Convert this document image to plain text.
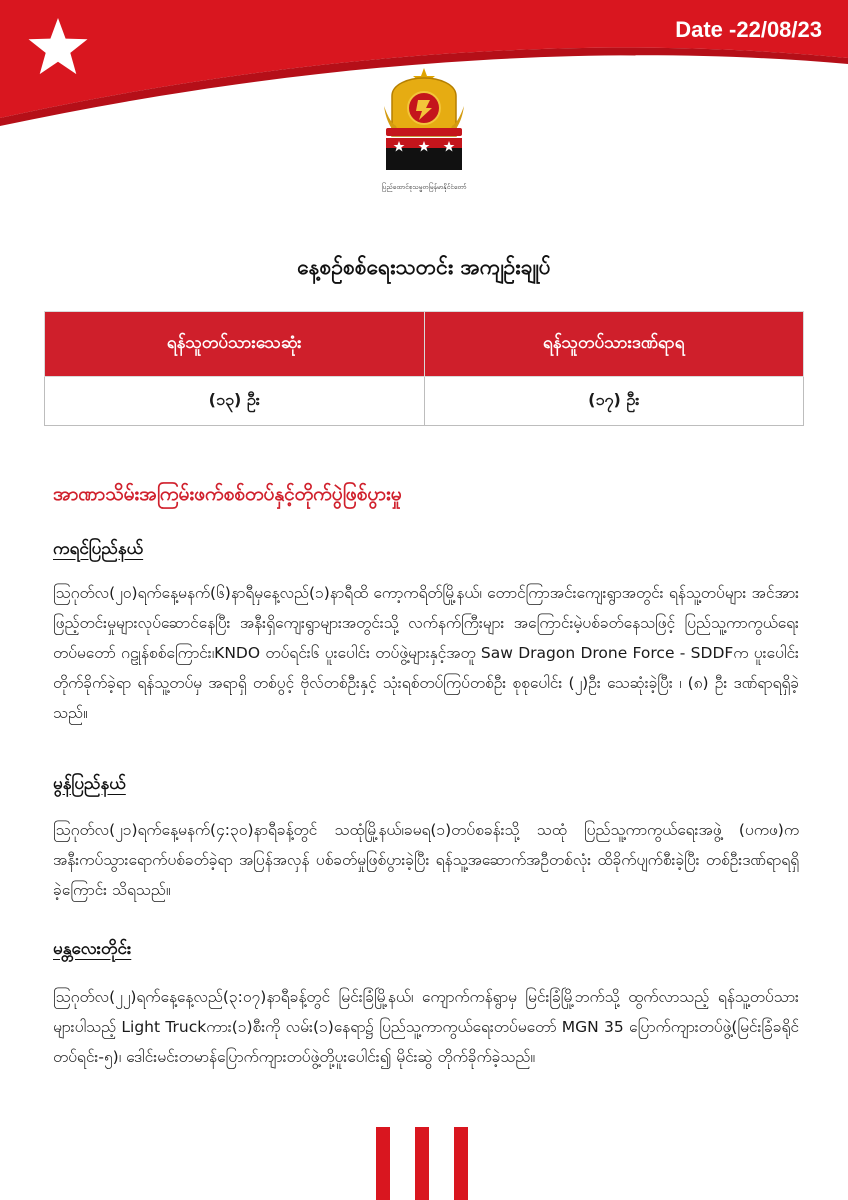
Date -22/08/23
ပြည်ထောင်စုသမ္မတမြန်မာနိုင်ငံတော်
နေ့စဉ်စစ်ရေးသတင်း အကျဉ်းချုပ်
ရန်သူတပ်သားသေဆုံး	ရန်သူတပ်သားဒဏ်ရာရ
(၁၃) ဦး	(၁၇) ဦး
အာဏာသိမ်းအကြမ်းဖက်စစ်တပ်နှင့်တိုက်ပွဲဖြစ်ပွားမှု
ကရင်ပြည်နယ်

ဩဂုတ်လ(၂၀)ရက်နေ့မနက်(၆)နာရီမှနေ့လည်(၁)နာရီထိ ကော့ကရိတ်မြို့နယ်၊ တောင်ကြာအင်းကျေးရွာအတွင်း ရန်သူ့တပ်များ အင်အားဖြည့်တင်းမှုများလုပ်ဆောင်နေပြီး အနီးရှိကျေးရွာများအတွင်းသို့ လက်နက်ကြီးများ အကြောင်းမဲ့ပစ်ခတ်နေသဖြင့် ပြည်သူ့ကာကွယ်ရေးတပ်မတော် ဂဠုန်စစ်ကြောင်း၊KNDO တပ်ရင်း၆ ပူးပေါင်း တပ်ဖွဲ့များနှင့်အတူ Saw Dragon Drone Force - SDDFက ပူးပေါင်းတိုက်ခိုက်ခဲ့ရာ ရန်သူ့တပ်မှ အရာရှိ တစ်ပွင့် ဗိုလ်တစ်ဦးနှင့် သုံးရစ်တပ်ကြပ်တစ်ဦး စုစုပေါင်း (၂)ဦး သေဆုံးခဲ့ပြီး ၊ (၈) ဦး ဒဏ်ရာရရှိခဲ့သည်။

မွန်ပြည်နယ်

ဩဂုတ်လ(၂၁)ရက်နေ့မနက်(၄:၃၀)နာရီခန့်တွင် သထုံမြို့နယ်၊ခမရ(၁)တပ်စခန်းသို့ သထုံ ပြည်သူ့ကာကွယ်ရေးအဖွဲ့ (ပကဖ)က အနီးကပ်သွားရောက်ပစ်ခတ်ခဲ့ရာ အပြန်အလှန် ပစ်ခတ်မှုဖြစ်ပွားခဲ့ပြီး ရန်သူ့အဆောက်အဦတစ်လုံး ထိခိုက်ပျက်စီးခဲ့ပြီး တစ်ဦးဒဏ်ရာရရှိခဲ့ကြောင်း သိရသည်။

မန္တလေးတိုင်း

ဩဂုတ်လ(၂၂)ရက်နေ့နေ့လည်(၃:၀၇)နာရီခန့်တွင် မြင်းခြံမြို့နယ်၊ ကျောက်ကန်ရွာမှ မြင်းခြံမြို့ဘက်သို့ ထွက်လာသည့် ရန်သူ့တပ်သားများပါသည့် Light Truckကား(၁)စီးကို လမ်း(၁)နေရာ၌ ပြည်သူ့ကာကွယ်ရေးတပ်မတော် MGN 35 ပြောက်ကျားတပ်ဖွဲ့(မြင်းခြံခရိုင်တပ်ရင်း-၅)၊ ဒေါင်းမင်းတမာန်ပြောက်ကျားတပ်ဖွဲ့တို့ပူးပေါင်း၍ မိုင်းဆွဲ တိုက်ခိုက်ခဲ့သည်။
